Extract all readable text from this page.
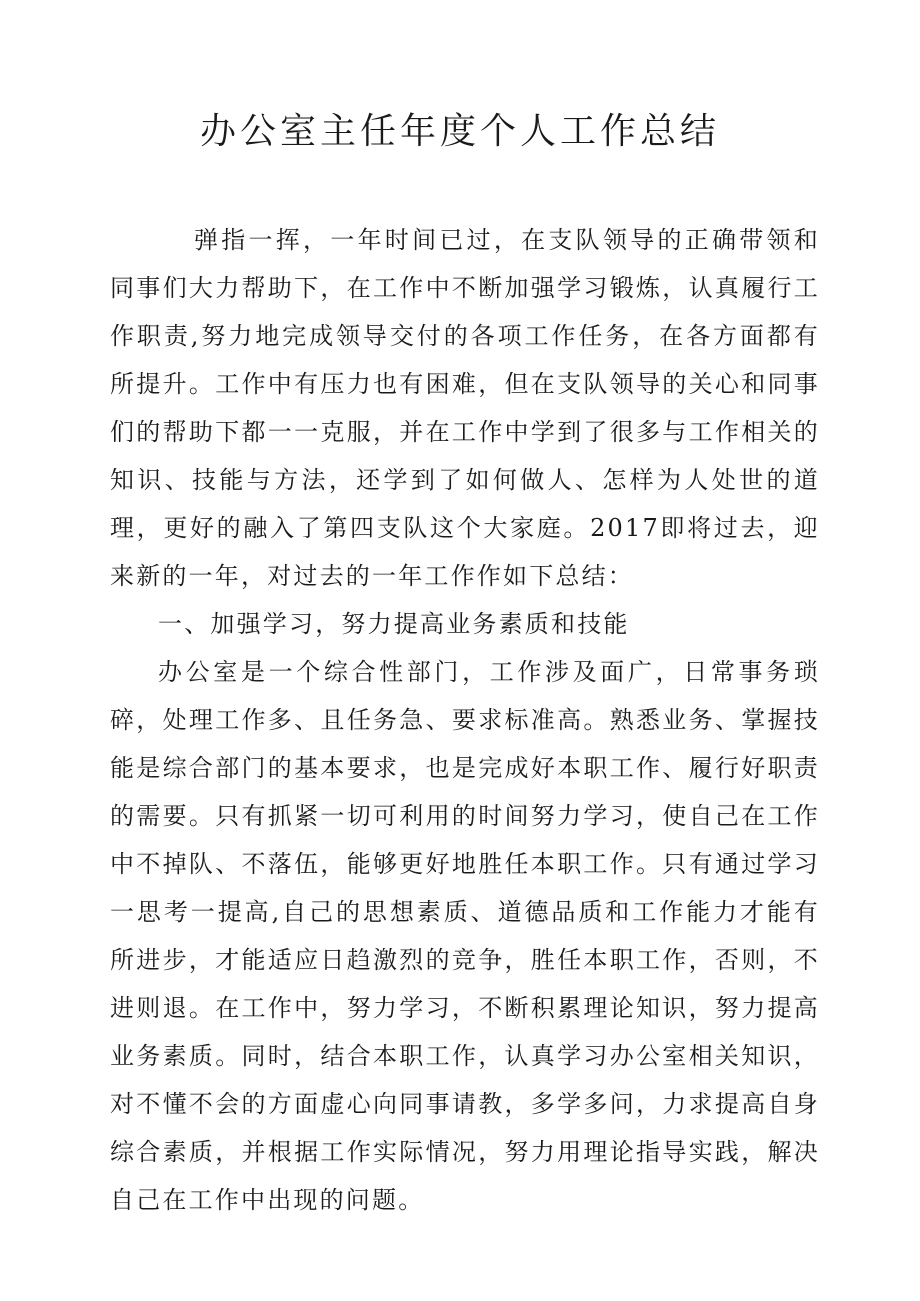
办公室主任年度个人工作总结

弹指一挥，一年时间已过，在支队领导的正确带领和同事们大力帮助下，在工作中不断加强学习锻炼，认真履行工作职责,努力地完成领导交付的各项工作任务，在各方面都有所提升。工作中有压力也有困难，但在支队领导的关心和同事们的帮助下都一一克服，并在工作中学到了很多与工作相关的知识、技能与方法，还学到了如何做人、怎样为人处世的道理，更好的融入了第四支队这个大家庭。2017即将过去，迎来新的一年，对过去的一年工作作如下总结：

一、加强学习，努力提高业务素质和技能

办公室是一个综合性部门，工作涉及面广，日常事务琐碎，处理工作多、且任务急、要求标准高。熟悉业务、掌握技能是综合部门的基本要求，也是完成好本职工作、履行好职责的需要。只有抓紧一切可利用的时间努力学习，使自己在工作中不掉队、不落伍，能够更好地胜任本职工作。只有通过学习一思考一提高,自己的思想素质、道德品质和工作能力才能有所进步，才能适应日趋激烈的竞争，胜任本职工作，否则，不进则退。在工作中，努力学习，不断积累理论知识，努力提高业务素质。同时，结合本职工作，认真学习办公室相关知识，对不懂不会的方面虚心向同事请教，多学多问，力求提高自身综合素质，并根据工作实际情况，努力用理论指导实践，解决自己在工作中出现的问题。
